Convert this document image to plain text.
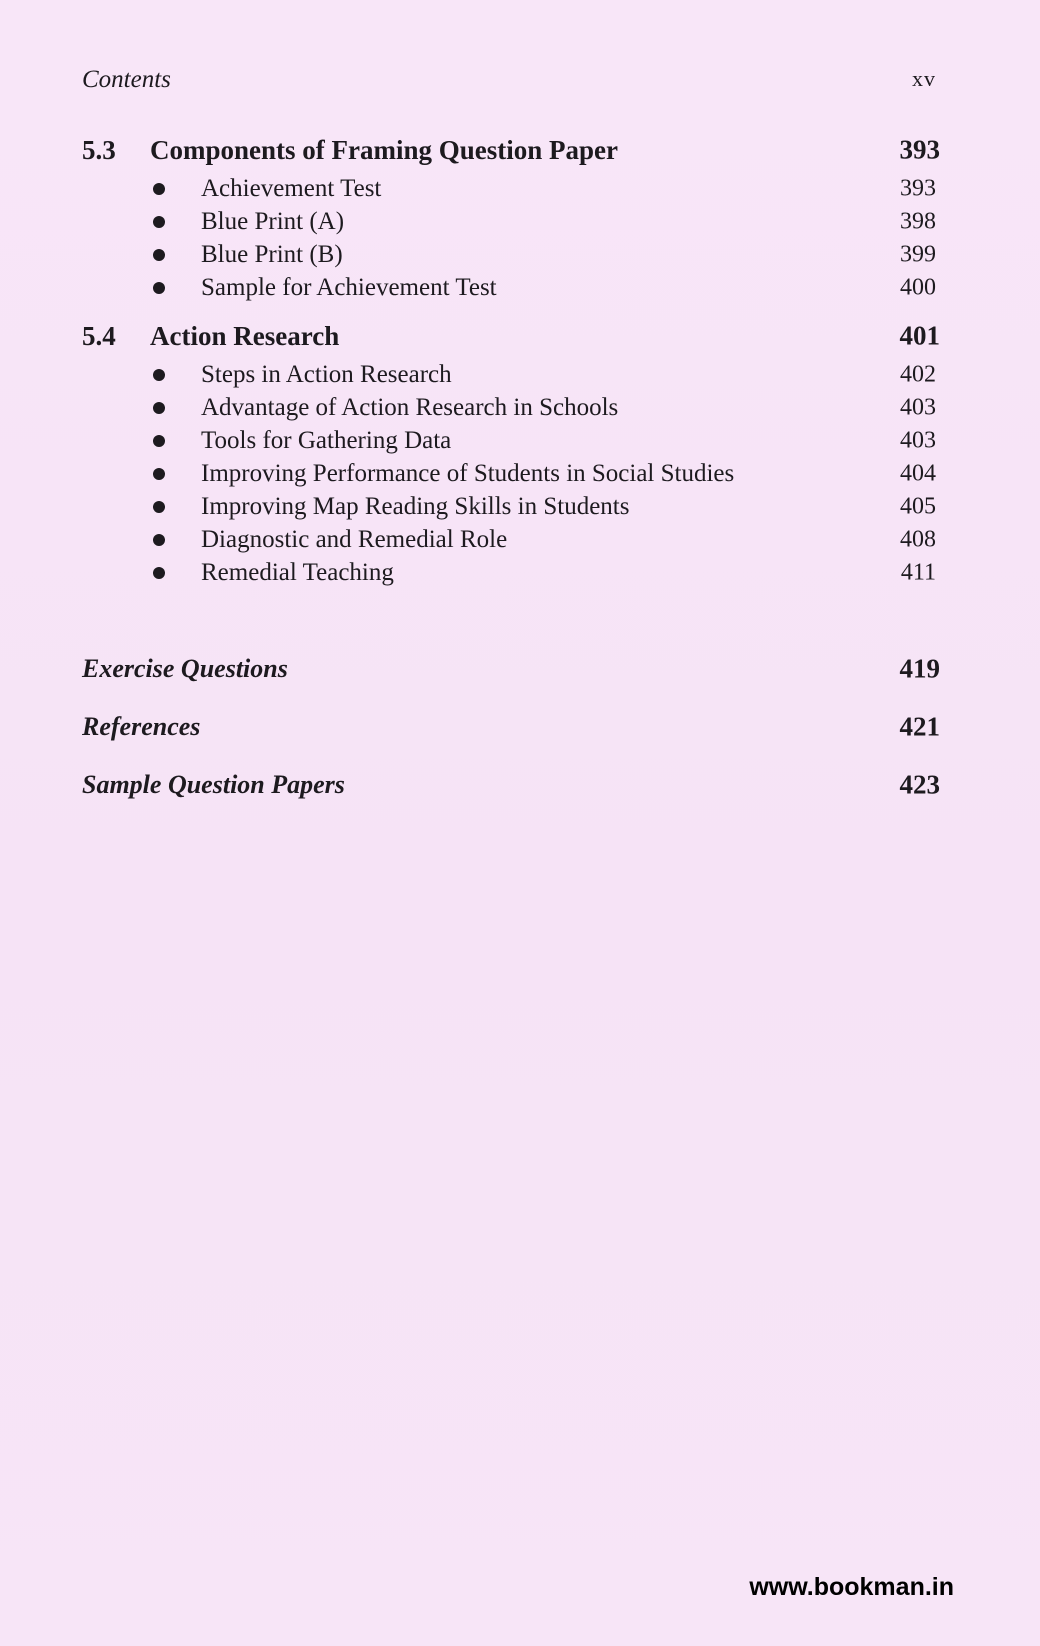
Contents	xv
5.3	Components of Framing Question Paper	393
Achievement Test	393
Blue Print (A)	398
Blue Print (B)	399
Sample for Achievement Test	400
5.4	Action Research	401
Steps in Action Research	402
Advantage of Action Research in Schools	403
Tools for Gathering Data	403
Improving Performance of Students in Social Studies	404
Improving Map Reading Skills in Students	405
Diagnostic and Remedial Role	408
Remedial Teaching	411
Exercise Questions	419
References	421
Sample Question Papers	423
www.bookman.in
